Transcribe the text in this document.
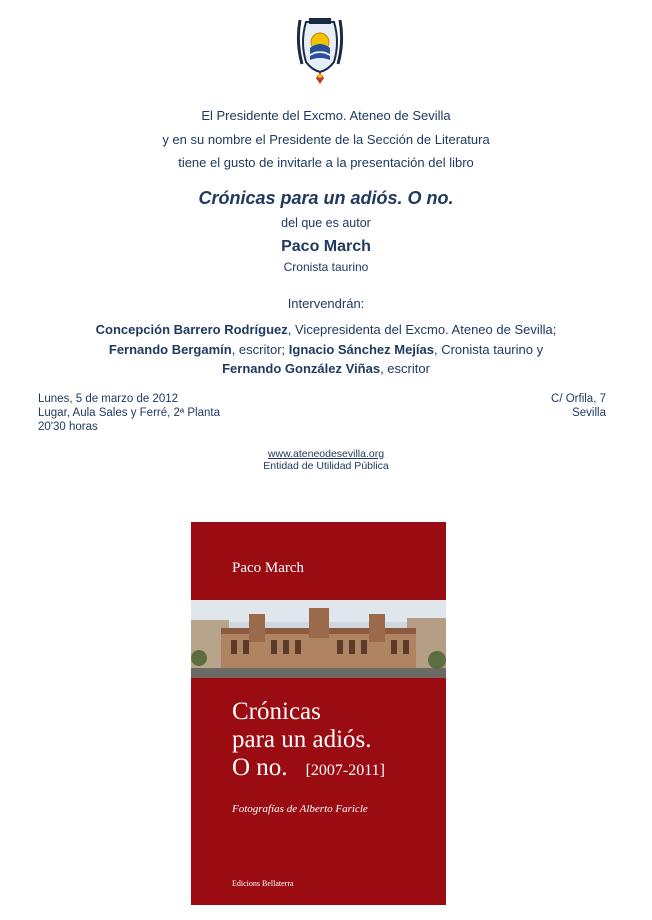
El Presidente del Excmo. Ateneo de Sevilla
y en su nombre el Presidente de la Sección de Literatura
tiene el gusto de invitarle a la presentación del libro
Crónicas para un adiós. O no.
del que es autor
Paco March
Cronista taurino
Intervendrán:
Concepción Barrero Rodríguez, Vicepresidenta del Excmo. Ateneo de Sevilla;
Fernando Bergamín, escritor; Ignacio Sánchez Mejías, Cronista taurino y
Fernando González Viñas, escritor
Lunes, 5 de marzo de 2012
Lugar, Aula Sales y Ferré, 2ª Planta
20'30 horas
C/ Orfila, 7
Sevilla
www.ateneodesevilla.org
Entidad de Utilidad Pública
Paco March
Crónicas
para un adiós.
O no. [2007-2011]
Fotografías de Alberto Faricle
Edicions Bellaterra
